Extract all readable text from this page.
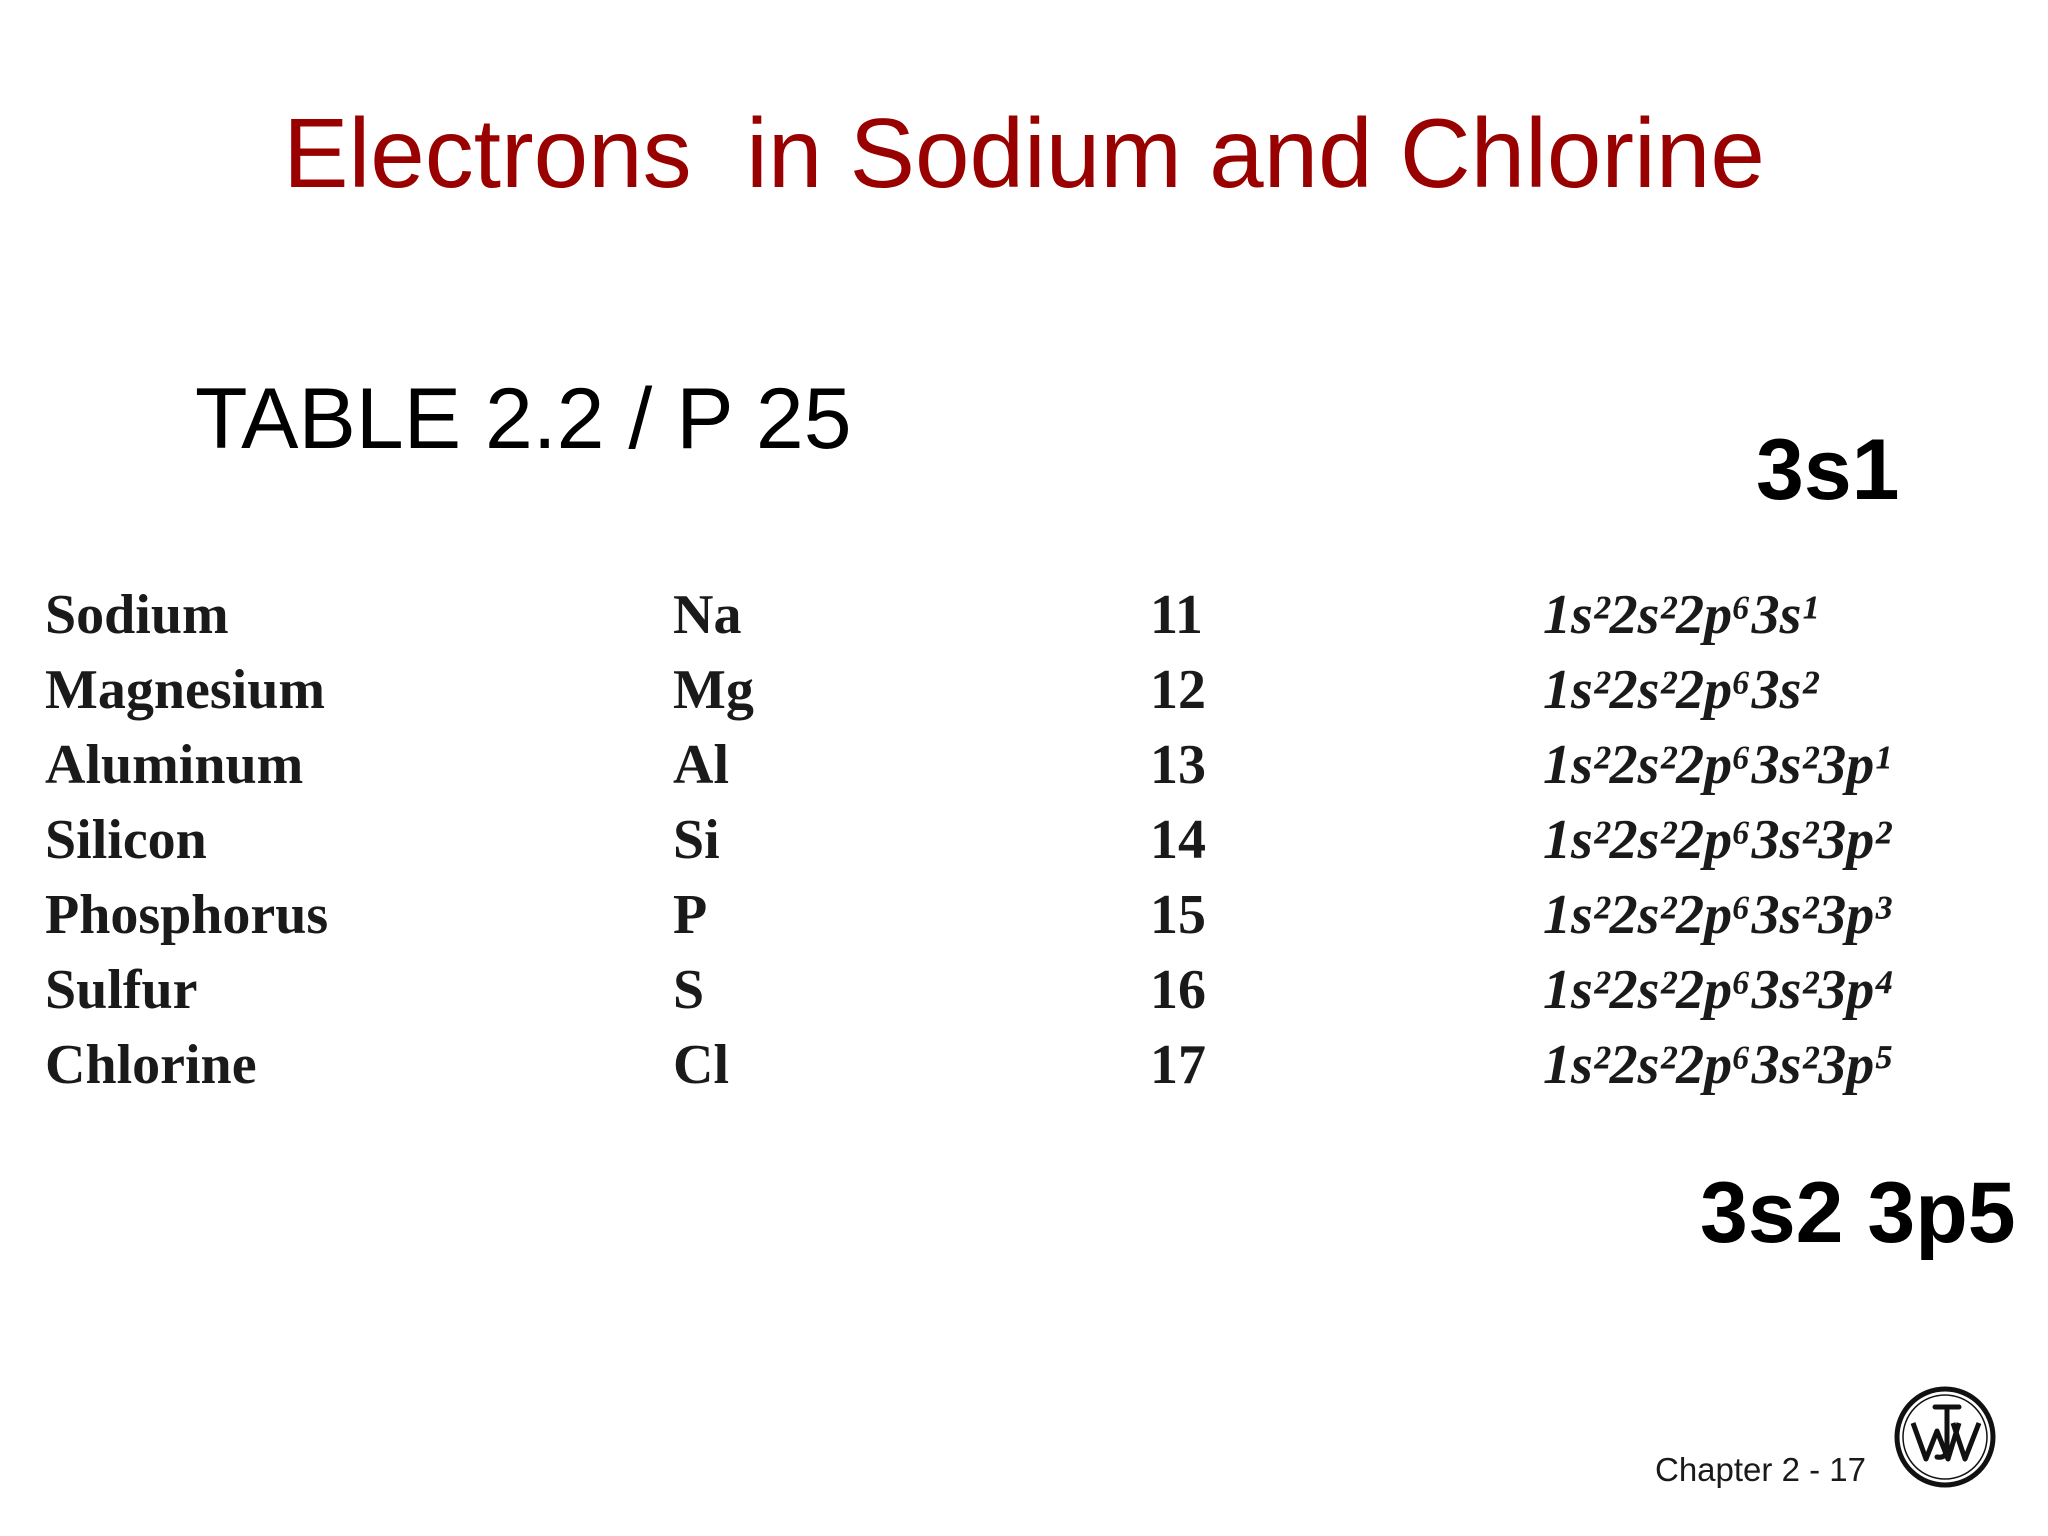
Electrons  in Sodium and Chlorine
TABLE 2.2 / P 25
3s1
Sodium	Na	11	1s²2s²2p⁶3s¹
Magnesium	Mg	12	1s²2s²2p⁶3s²
Aluminum	Al	13	1s²2s²2p⁶3s²3p¹
Silicon	Si	14	1s²2s²2p⁶3s²3p²
Phosphorus	P	15	1s²2s²2p⁶3s²3p³
Sulfur	S	16	1s²2s²2p⁶3s²3p⁴
Chlorine	Cl	17	1s²2s²2p⁶3s²3p⁵
3s2 3p5
Chapter 2 - 17
